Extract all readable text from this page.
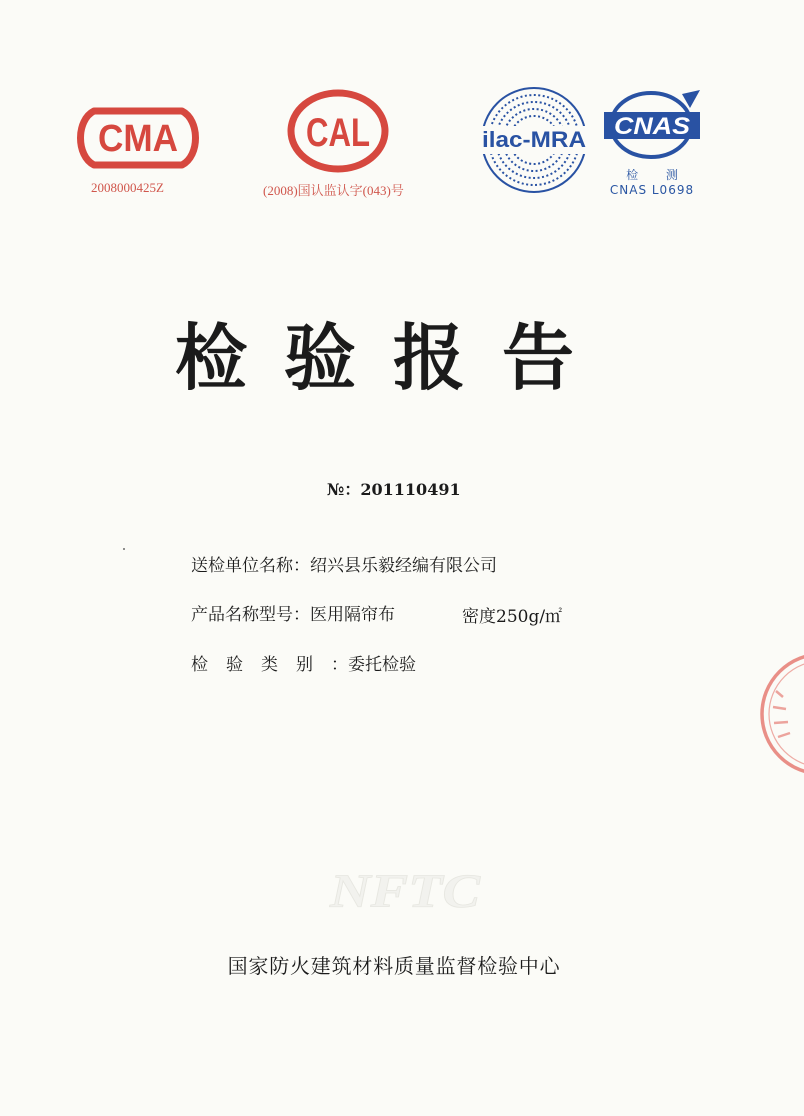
CMA	CAL
2008000425Z	(2008)国认监认字(043)号
ilac-MRA CNAS
检 测
CNAS L0698
检验报告
№：201110491
送检单位名称：绍兴县乐毅经编有限公司
产品名称型号：医用隔帘布	密度250g/㎡
检验类别：委托检验
NFTC
国家防火建筑材料质量监督检验中心
